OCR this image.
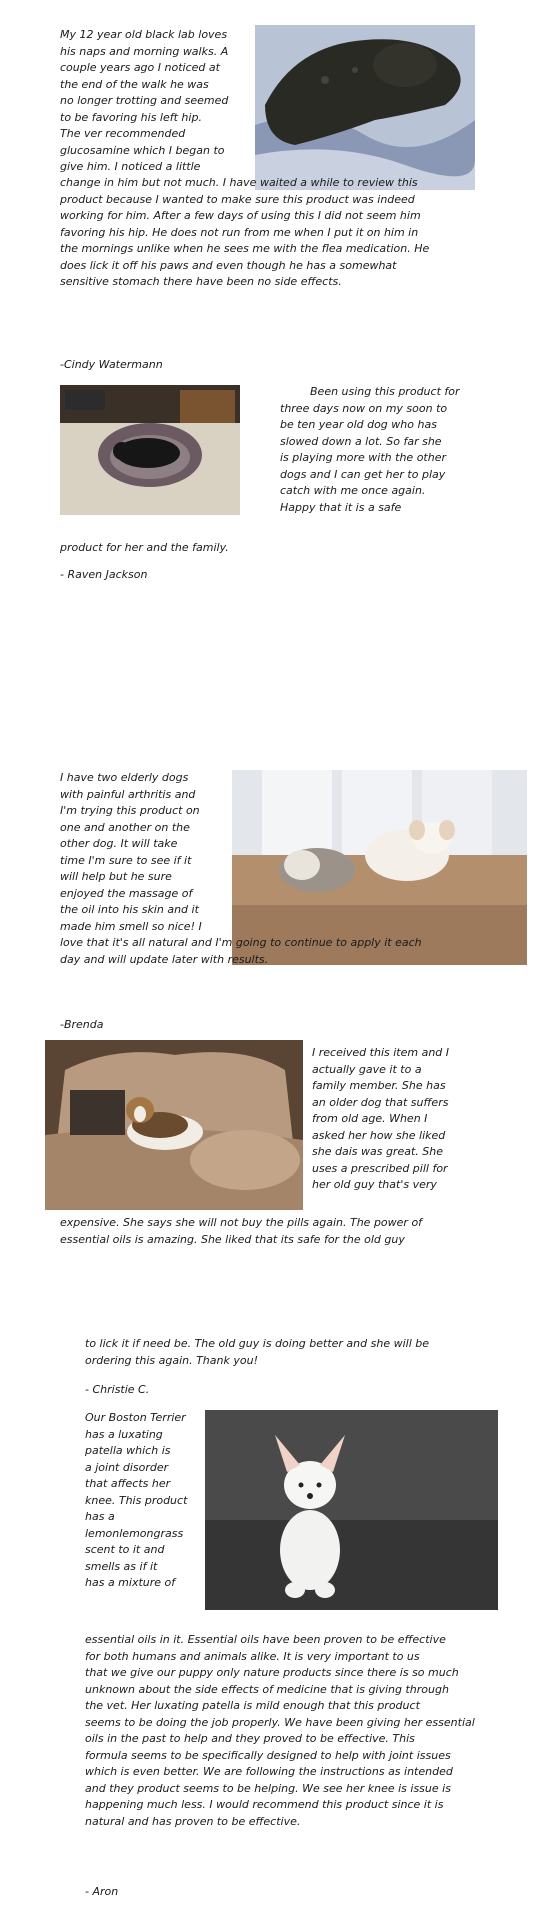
My 12 year old black lab loves
his naps and morning walks. A
couple years ago I noticed at
the end of the walk he was
no longer trotting and seemed
to be favoring his left hip.
The ver recommended
glucosamine which I began to
give him. I noticed a little
change in him but not much. I have waited a while to review this
product because I wanted to make sure this product was indeed
working for him. After a few days of using this I did not seem him
favoring his hip. He does not run from me when I put it on him in
the mornings unlike when he sees me with the flea medication. He
does lick it off his paws and even though he has a somewhat
sensitive stomach there have been no side effects.
-Cindy Watermann
Been using this product for
three days now on my soon to
be ten year old dog who has
slowed down a lot. So far she
is playing more with the other
dogs and I can get her to play
catch with me once again.
Happy that it is a safe
product for her and the family.
- Raven Jackson
I have two elderly dogs
with painful arthritis and
I'm trying this product on
one and another on the
other dog. It will take
time I'm sure to see if it
will help but he sure
enjoyed the massage of
the oil into his skin and it
made him smell so nice! I
love that it's all natural and I'm going to continue to apply it each
day and will update later with results.
-Brenda
I received this item and I
actually gave it to a
family member. She has
an older dog that suffers
from old age. When I
asked her how she liked
she dais was great. She
uses a prescribed pill for
her old guy that's very
expensive. She says she will not buy the pills again. The power of
essential oils is amazing. She liked that its safe for the old guy
to lick it if need be. The old guy is doing better and she will be
ordering this again. Thank you!
- Christie C.
Our Boston Terrier
has a luxating
patella which is
a joint disorder
that affects her
knee. This product
has a
lemonlemongrass
scent to it and
smells as if it
has a mixture of
essential oils in it. Essential oils have been proven to be effective
for both humans and animals alike. It is very important to us
that we give our puppy only nature products since there is so much
unknown about the side effects of medicine that is giving through
the vet. Her luxating patella is mild enough that this product
seems to be doing the job properly. We have been giving her essential
oils in the past to help and they proved to be effective. This
formula seems to be specifically designed to help with joint issues
which is even better. We are following the instructions as intended
and they product seems to be helping. We see her knee is issue is
happening much less. I would recommend this product since it is
natural and has proven to be effective.
- Aron
